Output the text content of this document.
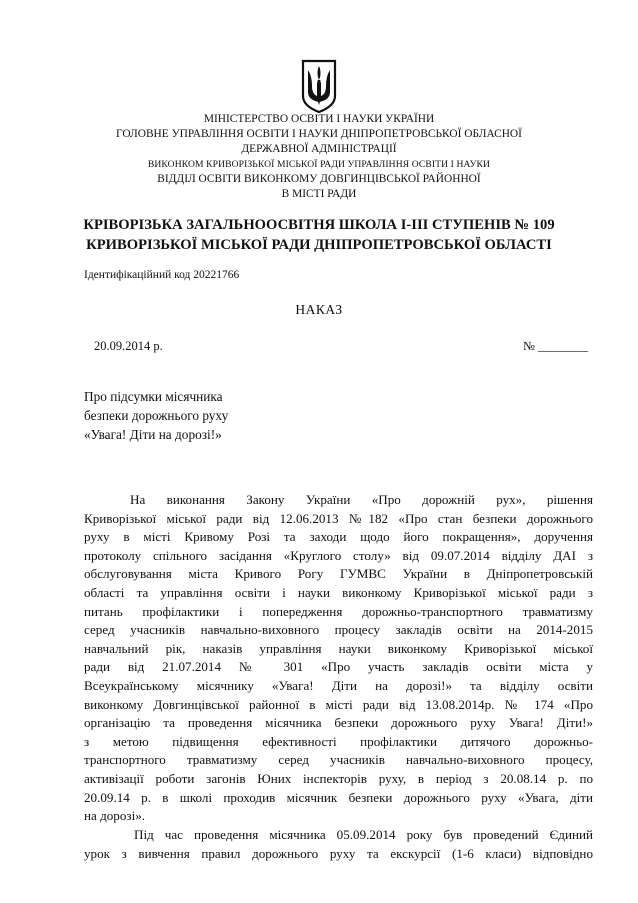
МІНІСТЕРСТВО ОСВІТИ І НАУКИ УКРАЇНИ
ГОЛОВНЕ УПРАВЛІННЯ ОСВІТИ І НАУКИ ДНІПРОПЕТРОВСЬКОЇ ОБЛАСНОЇ
ДЕРЖАВНОЇ АДМІНІСТРАЦІЇ
ВИКОНКОМ КРИВОРІЗЬКОЇ МІСЬКОЇ РАДИ УПРАВЛІННЯ ОСВІТИ І НАУКИ
ВІДДІЛ ОСВІТИ ВИКОНКОМУ ДОВГИНЦІВСЬКОЇ РАЙОННОЇ
В МІСТІ РАДИ
КРІВОРІЗЬКА ЗАГАЛЬНООСВІТНЯ ШКОЛА І-ІІІ СТУПЕНІВ № 109
КРИВОРІЗЬКОЇ МІСЬКОЇ РАДИ ДНІПРОПЕТРОВСЬКОЇ ОБЛАСТІ
Ідентифікаційний код 20221766
НАКАЗ
20.09.2014 р.	№ ________
Про підсумки місячника
безпеки дорожнього руху
«Увага! Діти на дорозі!»
На виконання Закону України «Про дорожній рух», рішення
Криворізької міської ради від 12.06.2013 №182 «Про стан безпеки дорожнього
руху в місті Кривому Розі та заходи щодо його покращення», доручення
протоколу спільного засідання «Круглого столу» від 09.07.2014 відділу ДАІ з
обслуговування міста Кривого Рогу ГУМВС України в Дніпропетровській
області та управління освіти і науки виконкому Криворізької міської ради з
питань профілактики і попередження дорожньо-транспортного травматизму
серед учасників навчально-виховного процесу закладів освіти на 2014-2015
навчальний рік, наказів управління науки виконкому Криворізької міської
ради від 21.07.2014 № 301 «Про участь закладів освіти міста у
Всеукраїнському місячнику «Увага! Діти на дорозі!» та відділу освіти
виконкому Довгинцівської районної в місті ради від 13.08.2014р. № 174 «Про
організацію та проведення місячника безпеки дорожнього руху Увага! Діти!»
з метою підвищення ефективності профілактики дитячого дорожньо-
транспортного травматизму серед учасників навчально-виховного процесу,
активізації роботи загонів Юних інспекторів руху, в період з 20.08.14 р. по
20.09.14 р. в школі проходив місячник безпеки дорожнього руху «Увага, діти
на дорозі».
Під час проведення місячника 05.09.2014 року був проведений Єдиний
урок з вивчення правил дорожнього руху та екскурсії (1-6 класи) відповідно
